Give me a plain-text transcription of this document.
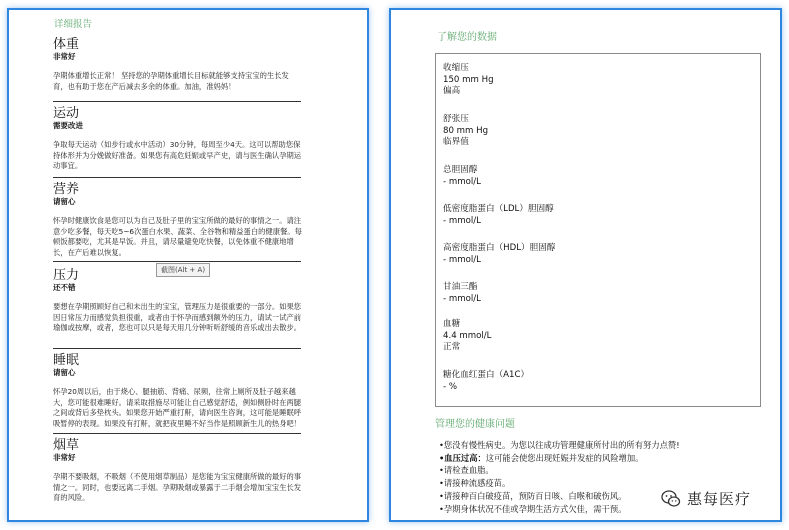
详细报告
体重
非常好
孕期体重增长正常！ 坚持您的孕期体重增长目标就能够支持宝宝的生长发育，也有助于您在产后减去多余的体重。加油，准妈妈！
运动
需要改进
争取每天运动（如步行或水中活动）30分钟，每周至少4天。这可以帮助您保持体形并为分娩做好准备。如果您有高危妊娠或早产史，请与医生确认孕期运动事宜。
营养
请留心
怀孕时健康饮食是您可以为自己及肚子里的宝宝所做的最好的事情之一。请注意少吃多餐，每天吃5~6次蛋白水果、蔬菜、全谷物和精益蛋白的健康餐。每顿饭都要吃，尤其是早饭。并且，请尽量避免吃快餐，以免体重不健康地增长，在产后难以恢复。
截图(Alt + A)
压力
还不错
要想在孕期照顾好自己和未出生的宝宝，管理压力是很重要的一部分。如果您因日常压力而感觉负担很重，或者由于怀孕而感到额外的压力，请试一试产前瑜伽或按摩，或者，您也可以只是每天用几分钟听听舒缓的音乐或出去散步。
睡眠
请留心
怀孕20周以后，由于烧心、腿抽筋、背痛、尿频，往常上厕所及肚子越来越大，您可能很难睡好。请采取措施尽可能让自己感觉舒适，例如侧卧时在两腿之间或背后多垫枕头。如果您开始严重打鼾，请向医生咨询，这可能是睡眠呼吸暂停的表现。如果没有打鼾，就把夜里睡不好当作是照顾新生儿的热身吧！
烟草
非常好
孕期不要吸烟，不吸烟（不使用烟草制品）是您能为宝宝健康所做的最好的事情之一。同时，也要远离二手烟。孕期吸烟或暴露于二手烟会增加宝宝生长发育的风险。
了解您的数据
收缩压
150 mm Hg
偏高
舒张压
80 mm Hg
临界值
总胆固醇
- mmol/L
低密度脂蛋白（LDL）胆固醇
- mmol/L
高密度脂蛋白（HDL）胆固醇
- mmol/L
甘油三酯
- mmol/L
血糖
4.4 mmol/L
正常
糖化血红蛋白（A1C）
- %
管理您的健康问题
•您没有慢性病史。为您以往成功管理健康所付出的所有努力点赞!
•血压过高：这可能会使您出现妊娠并发症的风险增加。
•请检查血脂。
•请接种流感疫苗。
•请接种百白破疫苗，预防百日咳、白喉和破伤风。
•孕期身体状况不佳或孕期生活方式欠佳，需干预。
惠每医疗
